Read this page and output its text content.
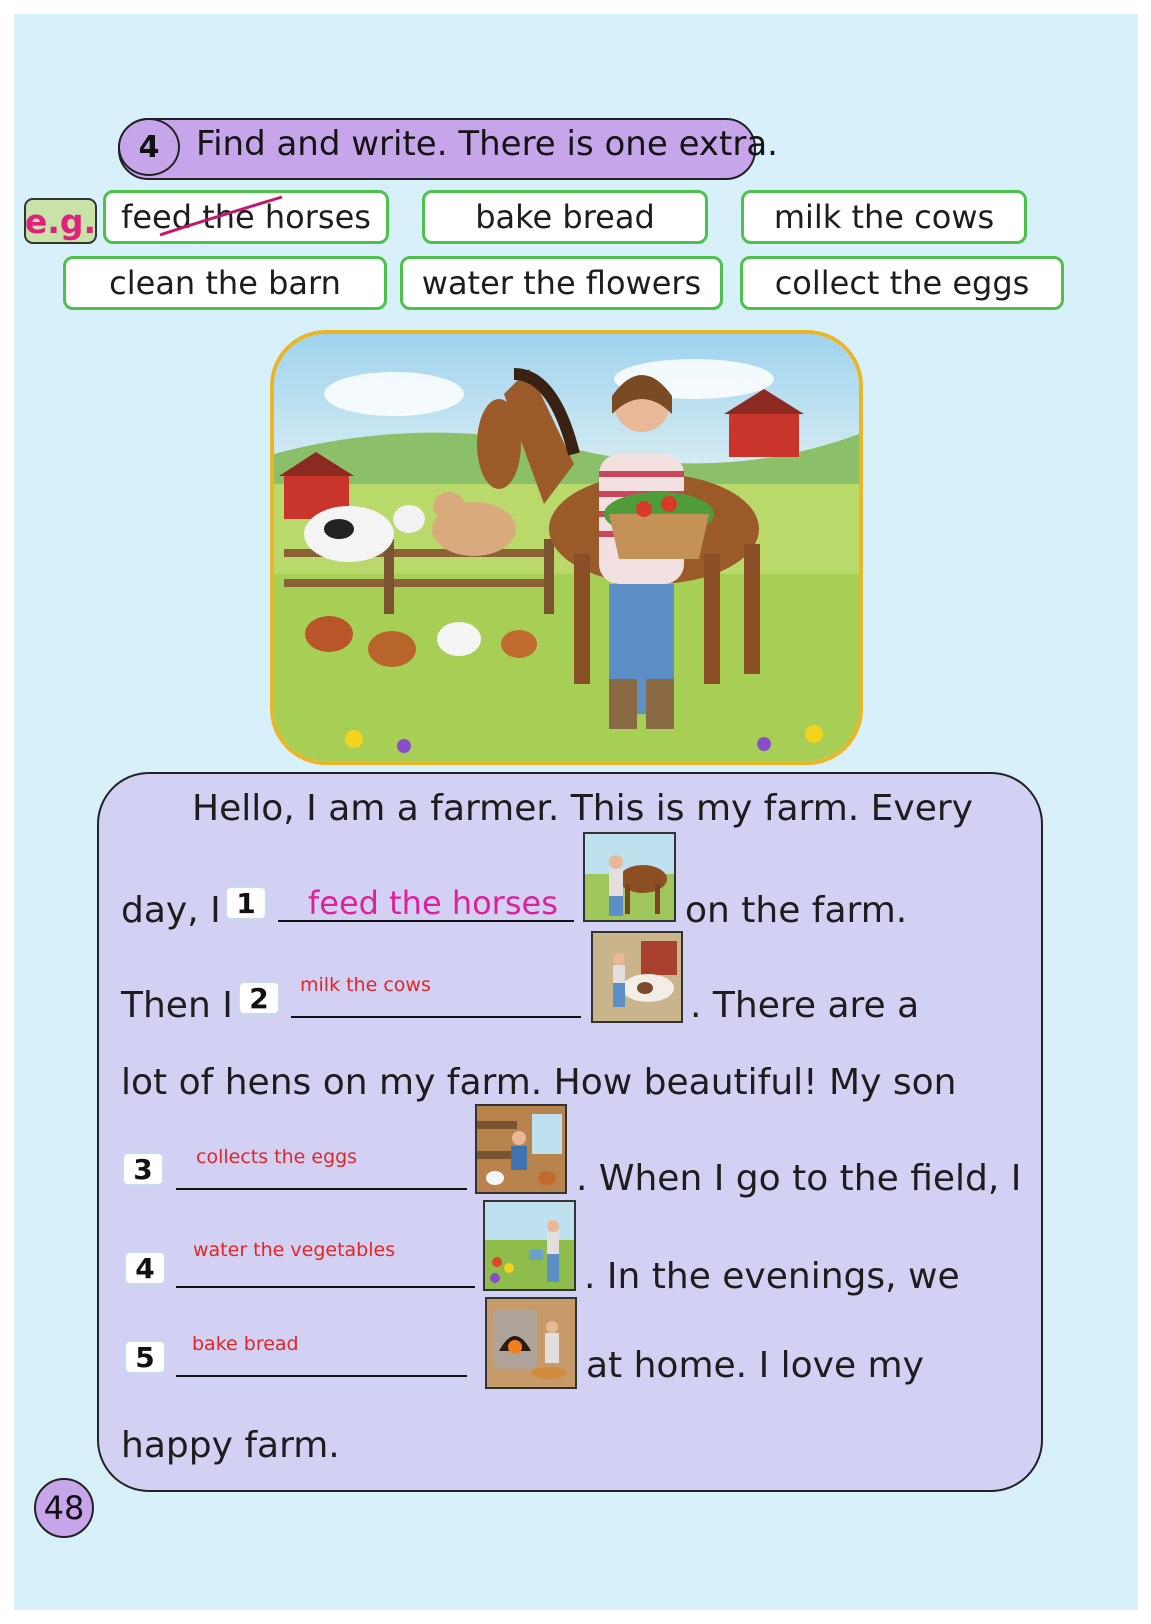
4	Find and write. There is one extra.
e.g. feed the horses	bake bread	milk the cows
clean the barn	water the flowers	collect the eggs
Hello, I am a farmer. This is my farm. Every
day, I 1	feed the horses	on the farm.
Then I 2	milk the cows	. There are a
lot of hens on my farm. How beautiful! My son
3	collects the eggs
. When I go to the field, I
4
water the vegetables
. In the evenings, we
5	bake bread
at home. I love my
happy farm.
48
